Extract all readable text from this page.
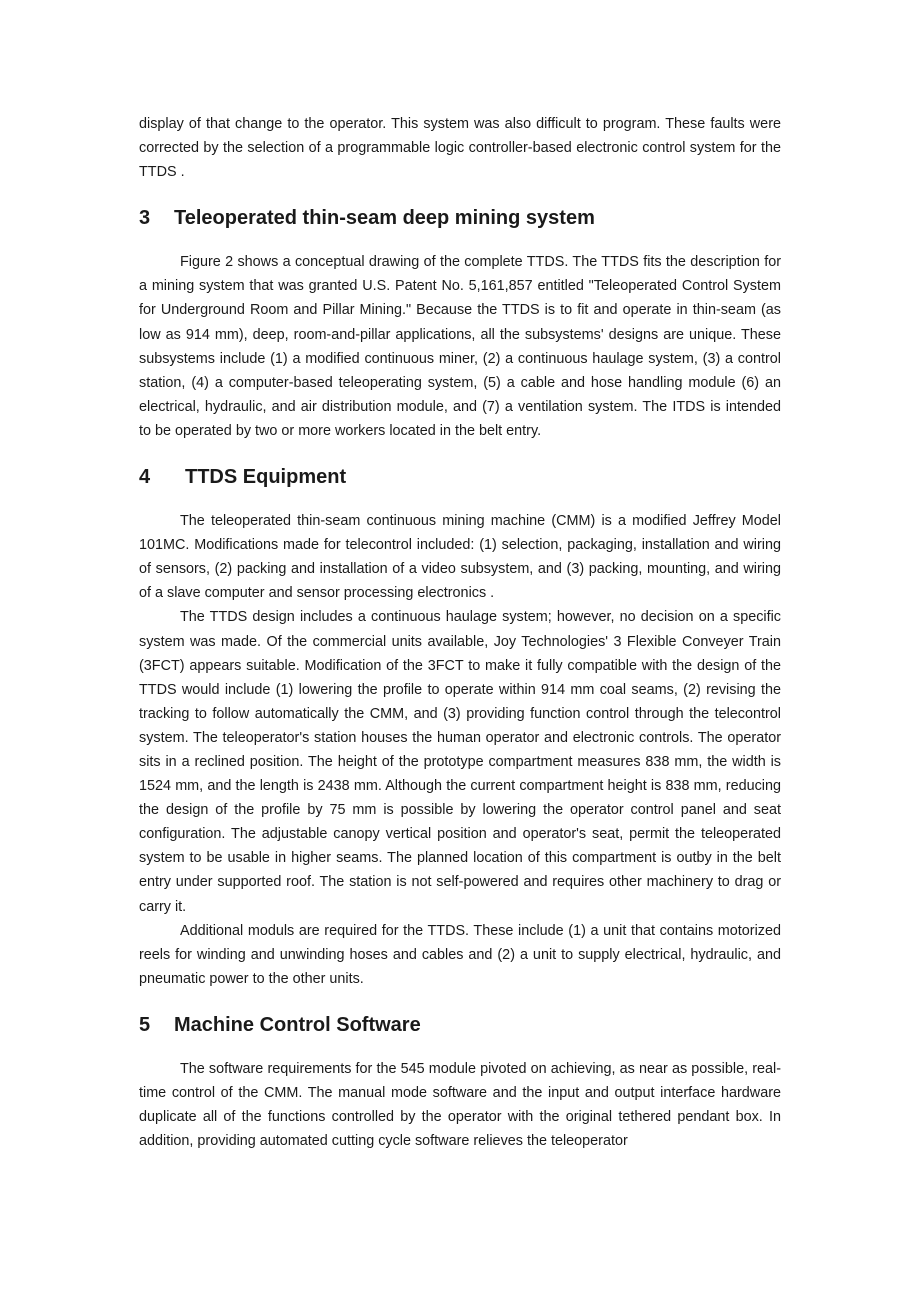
display of that change to the operator. This system was also difficult to program. These faults were corrected by the selection of a programmable logic controller-based electronic control system for the TTDS .

3	Teleoperated thin-seam deep mining system

Figure 2 shows a conceptual drawing of the complete TTDS. The TTDS fits the description for a mining system that was granted U.S. Patent No. 5,161,857 entitled "Teleoperated Control System for Underground Room and Pillar Mining." Because the TTDS is to fit and operate in thin-seam (as low as 914 mm), deep, room-and-pillar applications, all the subsystems' designs are unique. These subsystems include (1) a modified continuous miner, (2) a continuous haulage system, (3) a control station, (4) a computer-based teleoperating system, (5) a cable and hose handling module (6) an electrical, hydraulic, and air distribution module, and (7) a ventilation system. The ITDS is intended to be operated by two or more workers located in the belt entry.

4	TTDS Equipment

The teleoperated thin-seam continuous mining machine (CMM) is a modified Jeffrey Model 101MC. Modifications made for telecontrol included: (1) selection, packaging, installation and wiring of sensors, (2) packing and installation of a video subsystem, and (3) packing, mounting, and wiring of a slave computer and sensor processing electronics .

The TTDS design includes a continuous haulage system; however, no decision on a specific system was made. Of the commercial units available, Joy Technologies' 3 Flexible Conveyer Train (3FCT) appears suitable. Modification of the 3FCT to make it fully compatible with the design of the TTDS would include (1) lowering the profile to operate within 914 mm coal seams, (2) revising the tracking to follow automatically the CMM, and (3) providing function control through the telecontrol system. The teleoperator's station houses the human operator and electronic controls. The operator sits in a reclined position. The height of the prototype compartment measures 838 mm, the width is 1524 mm, and the length is 2438 mm. Although the current compartment height is 838 mm, reducing the design of the profile by 75 mm is possible by lowering the operator control panel and seat configuration. The adjustable canopy vertical position and operator's seat, permit the teleoperated system to be usable in higher seams. The planned location of this compartment is outby in the belt entry under supported roof. The station is not self-powered and requires other machinery to drag or carry it.

Additional moduls are required for the TTDS. These include (1) a unit that contains motorized reels for winding and unwinding hoses and cables and (2) a unit to supply electrical, hydraulic, and pneumatic power to the other units.

5	Machine Control Software

The software requirements for the 545 module pivoted on achieving, as near as possible, real-time control of the CMM. The manual mode software and the input and output interface hardware duplicate all of the functions controlled by the operator with the original tethered pendant box. In addition, providing automated cutting cycle software relieves the teleoperator
